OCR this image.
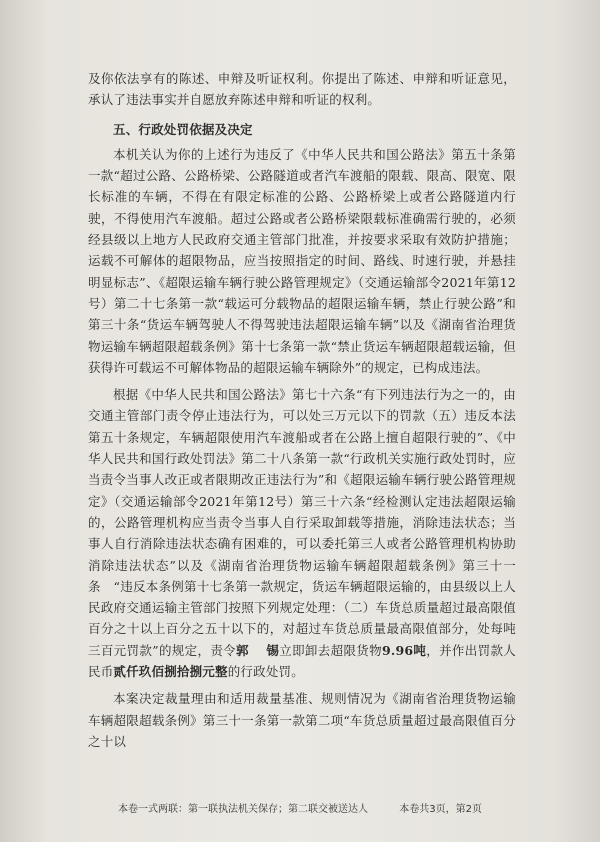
及你依法享有的陈述、申辩及听证权利。你提出了陈述、申辩和听证意见，承认了违法事实并自愿放弃陈述申辩和听证的权利。

五、行政处罚依据及决定

本机关认为你的上述行为违反了《中华人民共和国公路法》第五十条第一款“超过公路、公路桥梁、公路隧道或者汽车渡船的限载、限高、限宽、限长标准的车辆，不得在有限定标准的公路、公路桥梁上或者公路隧道内行驶，不得使用汽车渡船。超过公路或者公路桥梁限载标准确需行驶的，必须经县级以上地方人民政府交通主管部门批准，并按要求采取有效防护措施；运载不可解体的超限物品，应当按照指定的时间、路线、时速行驶，并悬挂明显标志”、《超限运输车辆行驶公路管理规定》（交通运输部令2021年第12号）第二十七条第一款“载运可分载物品的超限运输车辆，禁止行驶公路”和第三十条“货运车辆驾驶人不得驾驶违法超限运输车辆”以及《湖南省治理货物运输车辆超限超载条例》第十七条第一款“禁止货运车辆超限超载运输，但获得许可载运不可解体物品的超限运输车辆除外”的规定，已构成违法。

根据《中华人民共和国公路法》第七十六条“有下列违法行为之一的，由交通主管部门责令停止违法行为，可以处三万元以下的罚款（五）违反本法第五十条规定，车辆超限使用汽车渡船或者在公路上擅自超限行驶的”、《中华人民共和国行政处罚法》第二十八条第一款“行政机关实施行政处罚时，应当责令当事人改正或者限期改正违法行为”和《超限运输车辆行驶公路管理规定》（交通运输部令2021年第12号）第三十六条“经检测认定违法超限运输的，公路管理机构应当责令当事人自行采取卸载等措施，消除违法状态；当事人自行消除违法状态确有困难的，可以委托第三人或者公路管理机构协助消除违法状态”以及《湖南省治理货物运输车辆超限超载条例》第三十一条　“违反本条例第十七条第一款规定，货运车辆超限运输的，由县级以上人民政府交通运输主管部门按照下列规定处理：（二）车货总质量超过最高限值百分之十以上百分之五十以下的，对超过车货总质量最高限值部分，处每吨三百元罚款”的规定，责令郭　 锡立即卸去超限货物9.96吨，并作出罚款人民币贰仟玖佰捌拾捌元整的行政处罚。

本案决定裁量理由和适用裁量基准、规则情况为《湖南省治理货物运输车辆超限超载条例》第三十一条第一款第二项“车货总质量超过最高限值百分之十以

本卷一式两联：第一联执法机关保存；第二联交被送达人	本卷共3页，第2页
